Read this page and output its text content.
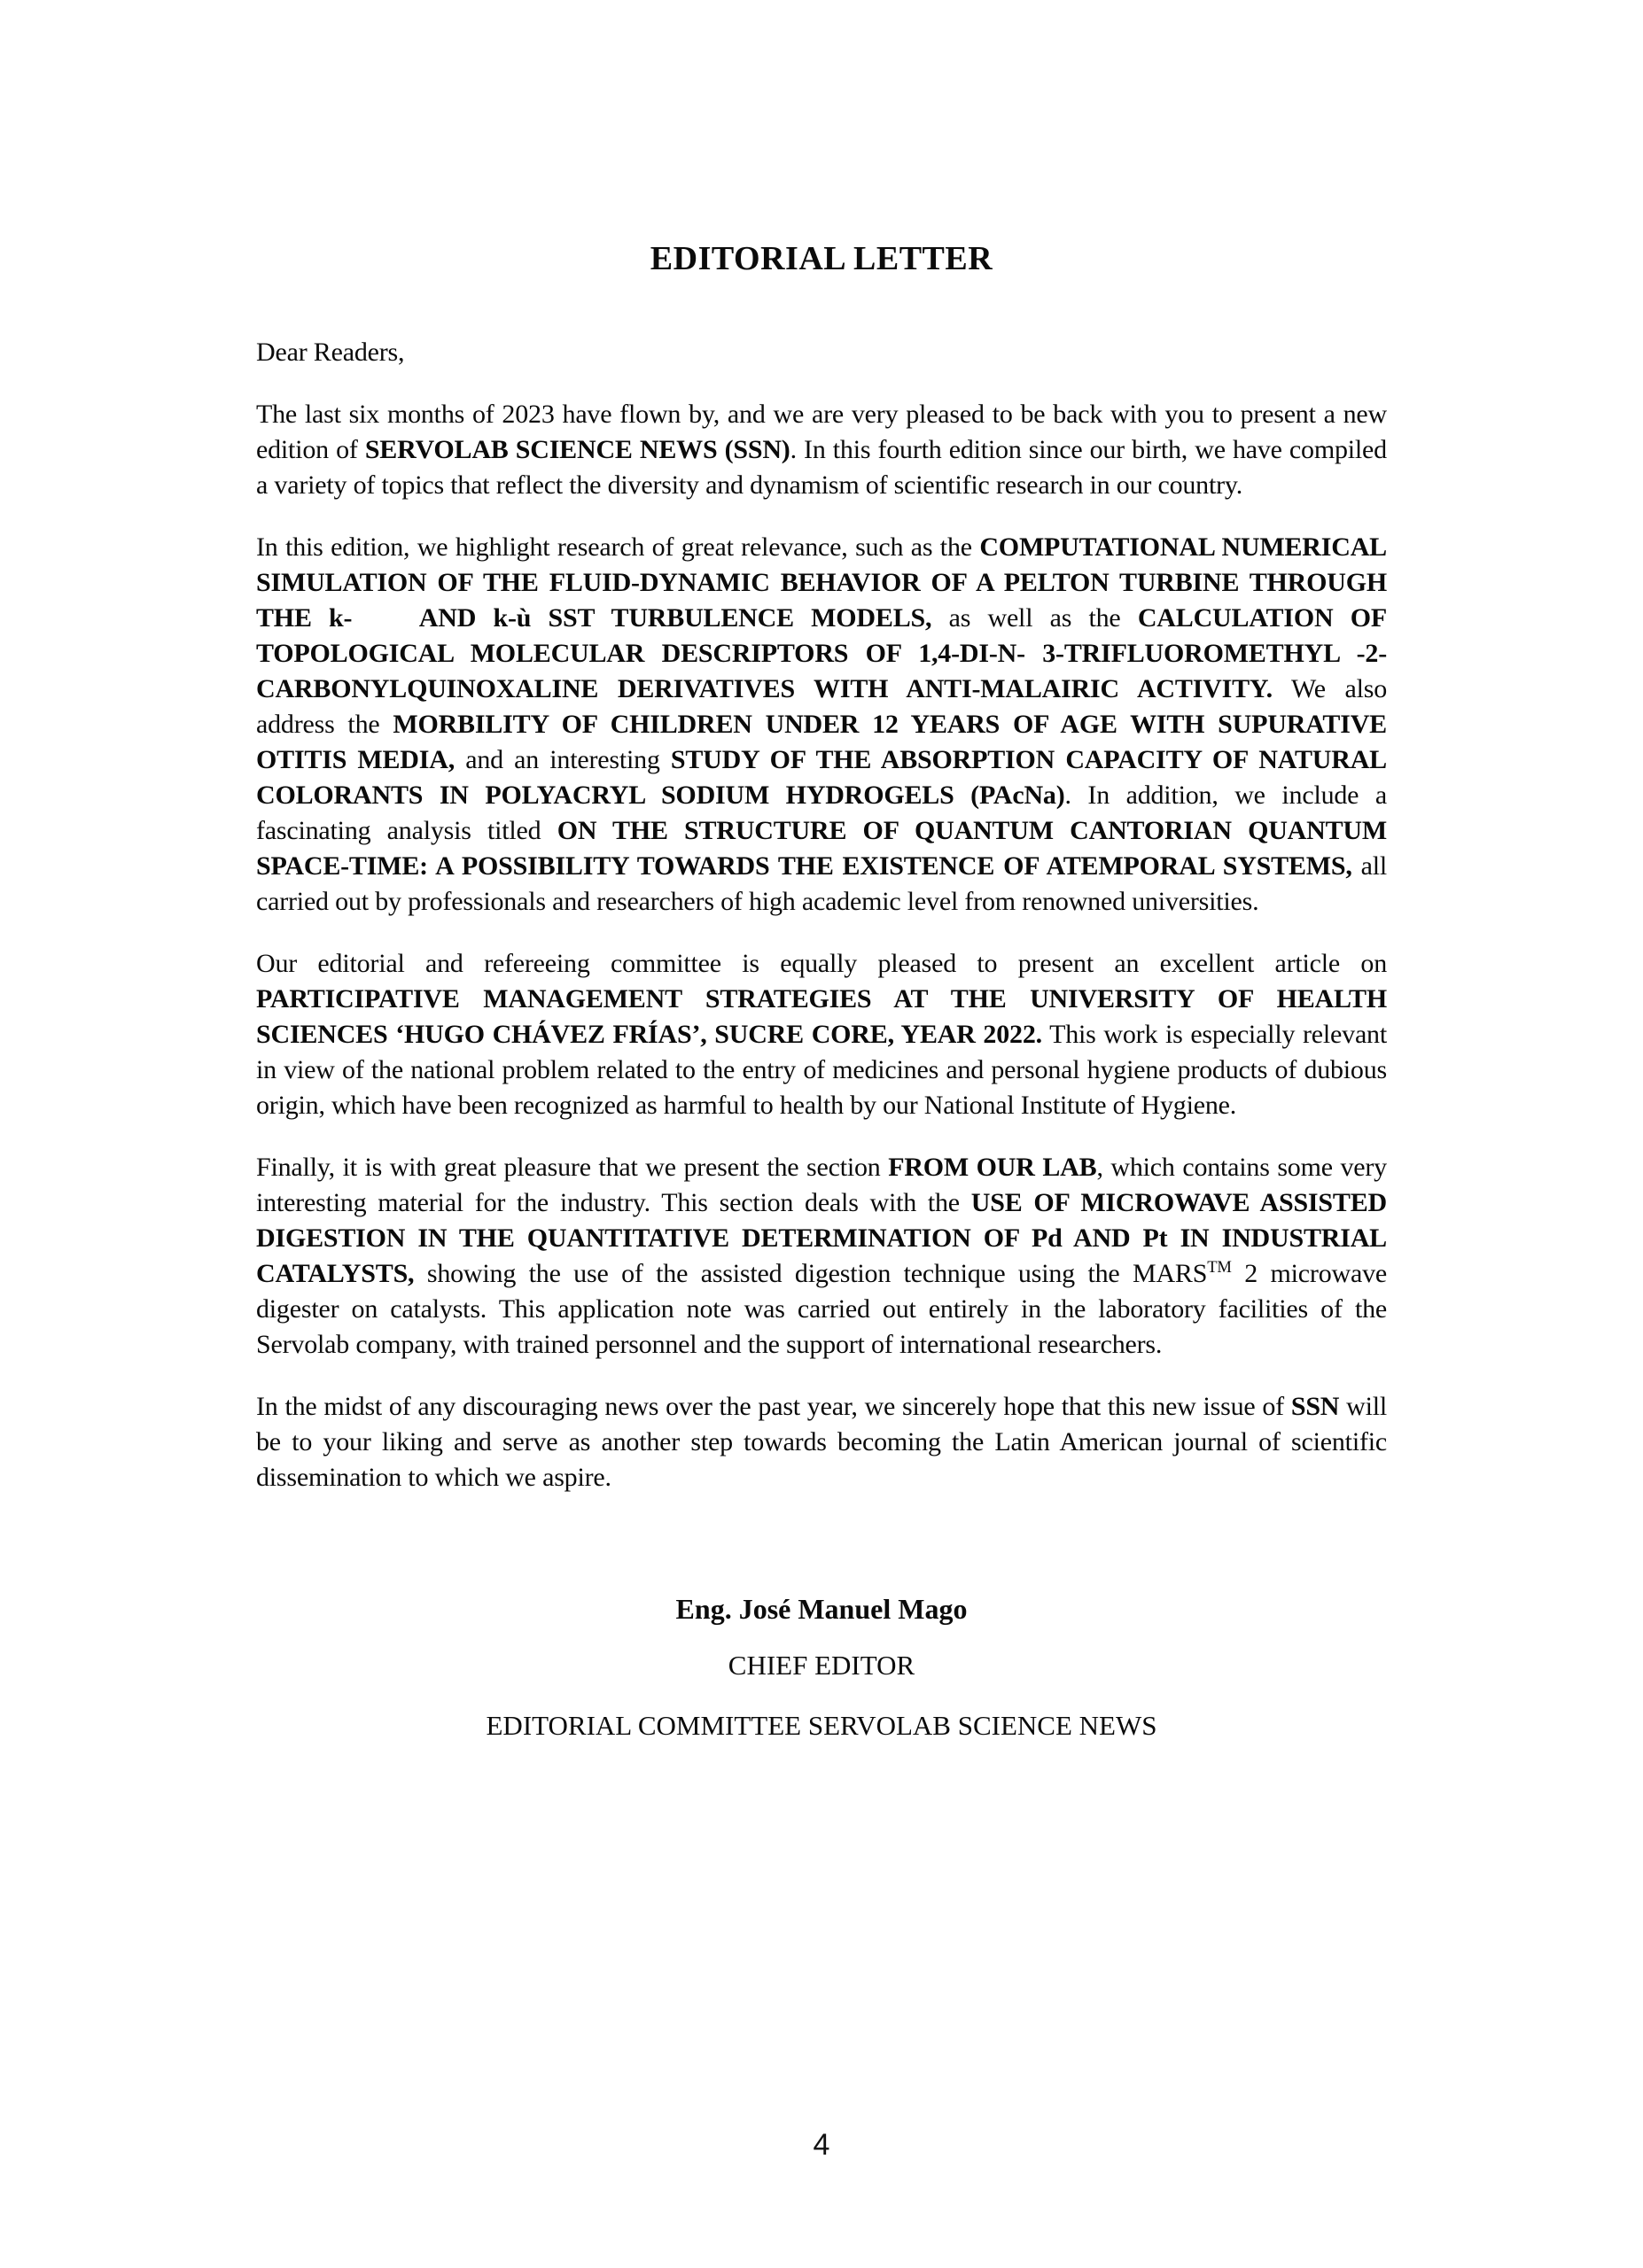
EDITORIAL LETTER

Dear Readers,

The last six months of 2023 have flown by, and we are very pleased to be back with you to present a new edition of SERVOLAB SCIENCE NEWS (SSN). In this fourth edition since our birth, we have compiled a variety of topics that reflect the diversity and dynamism of scientific research in our country.

In this edition, we highlight research of great relevance, such as the COMPUTATIONAL NUMERICAL SIMULATION OF THE FLUID-DYNAMIC BEHAVIOR OF A PELTON TURBINE THROUGH THE k-    AND k-ù SST TURBULENCE MODELS, as well as the CALCULATION OF TOPOLOGICAL MOLECULAR DESCRIPTORS OF 1,4-DI-N- 3-TRIFLUOROMETHYL -2-CARBONYLQUINOXALINE DERIVATIVES WITH ANTI-MALAIRIC ACTIVITY. We also address the MORBILITY OF CHILDREN UNDER 12 YEARS OF AGE WITH SUPURATIVE OTITIS MEDIA, and an interesting STUDY OF THE ABSORPTION CAPACITY OF NATURAL COLORANTS IN POLYACRYL SODIUM HYDROGELS (PAcNa). In addition, we include a fascinating analysis titled ON THE STRUCTURE OF QUANTUM CANTORIAN QUANTUM SPACE-TIME: A POSSIBILITY TOWARDS THE EXISTENCE OF ATEMPORAL SYSTEMS, all carried out by professionals and researchers of high academic level from renowned universities.

Our editorial and refereeing committee is equally pleased to present an excellent article on PARTICIPATIVE MANAGEMENT STRATEGIES AT THE UNIVERSITY OF HEALTH SCIENCES ‘HUGO CHÁVEZ FRÍAS’, SUCRE CORE, YEAR 2022. This work is especially relevant in view of the national problem related to the entry of medicines and personal hygiene products of dubious origin, which have been recognized as harmful to health by our National Institute of Hygiene.

Finally, it is with great pleasure that we present the section FROM OUR LAB, which contains some very interesting material for the industry. This section deals with the USE OF MICROWAVE ASSISTED DIGESTION IN THE QUANTITATIVE DETERMINATION OF Pd AND Pt IN INDUSTRIAL CATALYSTS, showing the use of the assisted digestion technique using the MARS™ 2 microwave digester on catalysts. This application note was carried out entirely in the laboratory facilities of the Servolab company, with trained personnel and the support of international researchers.

In the midst of any discouraging news over the past year, we sincerely hope that this new issue of SSN will be to your liking and serve as another step towards becoming the Latin American journal of scientific dissemination to which we aspire.

Eng. José Manuel Mago

CHIEF EDITOR

EDITORIAL COMMITTEE SERVOLAB SCIENCE NEWS

4
